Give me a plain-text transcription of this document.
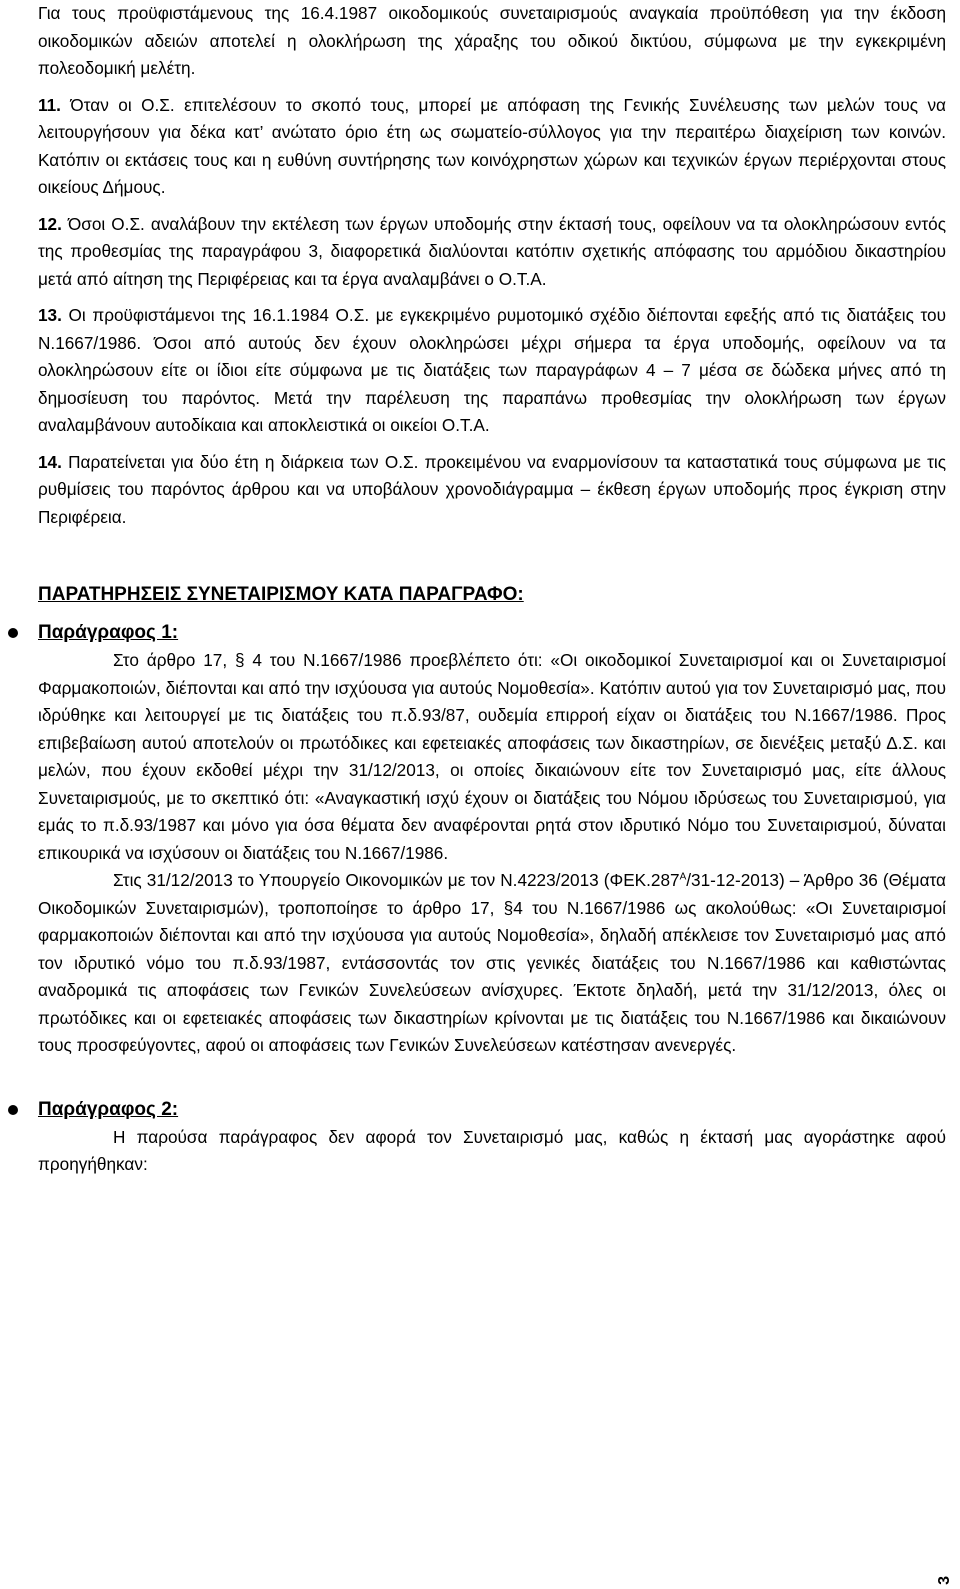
Για τους προϋφιστάμενους της 16.4.1987 οικοδομικούς συνεταιρισμούς αναγκαία προϋπόθεση για την έκδοση οικοδομικών αδειών αποτελεί η ολοκλήρωση της χάραξης του οδικού δικτύου, σύμφωνα με την εγκεκριμένη πολεοδομική μελέτη.

11. Όταν οι Ο.Σ. επιτελέσουν το σκοπό τους, μπορεί με απόφαση της Γενικής Συνέλευσης των μελών τους να λειτουργήσουν για δέκα κατ’ ανώτατο όριο έτη ως σωματείο-σύλλογος για την περαιτέρω διαχείριση των κοινών. Κατόπιν οι εκτάσεις τους και η ευθύνη συντήρησης των κοινόχρηστων χώρων και τεχνικών έργων περιέρχονται στους οικείους Δήμους.

12. Όσοι Ο.Σ. αναλάβουν την εκτέλεση των έργων υποδομής στην έκτασή τους, οφείλουν να τα ολοκληρώσουν εντός της προθεσμίας της παραγράφου 3, διαφορετικά διαλύονται κατόπιν σχετικής απόφασης του αρμόδιου δικαστηρίου μετά από αίτηση της Περιφέρειας και τα έργα αναλαμβάνει ο Ο.Τ.Α.

13. Οι προϋφιστάμενοι της 16.1.1984 Ο.Σ. με εγκεκριμένο ρυμοτομικό σχέδιο διέπονται εφεξής από τις διατάξεις του Ν.1667/1986. Όσοι από αυτούς δεν έχουν ολοκληρώσει μέχρι σήμερα τα έργα υποδομής, οφείλουν να τα ολοκληρώσουν είτε οι ίδιοι είτε σύμφωνα με τις διατάξεις των παραγράφων 4 – 7 μέσα σε δώδεκα μήνες από τη δημοσίευση του παρόντος. Μετά την παρέλευση της παραπάνω προθεσμίας την ολοκλήρωση των έργων αναλαμβάνουν αυτοδίκαια και αποκλειστικά οι οικείοι Ο.Τ.Α.

14. Παρατείνεται για δύο έτη η διάρκεια των Ο.Σ. προκειμένου να εναρμονίσουν τα καταστατικά τους σύμφωνα με τις ρυθμίσεις του παρόντος άρθρου και να υποβάλουν χρονοδιάγραμμα – έκθεση έργων υποδομής προς έγκριση στην Περιφέρεια.

ΠΑΡΑΤΗΡΗΣΕΙΣ ΣΥΝΕΤΑΙΡΙΣΜΟΥ ΚΑΤΑ ΠΑΡΑΓΡΑΦΟ:
Παράγραφος 1:

Στο άρθρο 17, § 4 του Ν.1667/1986 προεβλέπετο ότι: «Οι οικοδομικοί Συνεταιρισμοί και οι Συνεταιρισμοί Φαρμακοποιών, διέπονται και από την ισχύουσα για αυτούς Νομοθεσία». Κατόπιν αυτού για τον Συνεταιρισμό μας, που ιδρύθηκε και λειτουργεί με τις διατάξεις του π.δ.93/87, ουδεμία επιρροή είχαν οι διατάξεις του Ν.1667/1986. Προς επιβεβαίωση αυτού αποτελούν οι πρωτόδικες και εφετειακές αποφάσεις των δικαστηρίων, σε διενέξεις μεταξύ Δ.Σ. και μελών, που έχουν εκδοθεί μέχρι την 31/12/2013, οι οποίες δικαιώνουν είτε τον Συνεταιρισμό μας, είτε άλλους Συνεταιρισμούς, με το σκεπτικό ότι: «Αναγκαστική ισχύ έχουν οι διατάξεις του Νόμου ιδρύσεως του Συνεταιρισμού, για εμάς το π.δ.93/1987 και μόνο για όσα θέματα δεν αναφέρονται ρητά στον ιδρυτικό Νόμο του Συνεταιρισμού, δύναται επικουρικά να ισχύσουν οι διατάξεις του Ν.1667/1986.

Στις 31/12/2013 το Υπουργείο Οικονομικών με τον Ν.4223/2013 $(\Phi EK.287^A/31-12-2013)$ – Άρθρο 36 (Θέματα Οικοδομικών Συνεταιρισμών), τροποποίησε το άρθρο 17, §4 του Ν.1667/1986 ως ακολούθως: «Οι Συνεταιρισμοί φαρμακοποιών διέπονται και από την ισχύουσα για αυτούς Νομοθεσία», δηλαδή απέκλεισε τον Συνεταιρισμό μας από τον ιδρυτικό νόμο του π.δ.93/1987, εντάσσοντάς τον στις γενικές διατάξεις του Ν.1667/1986 και καθιστώντας αναδρομικά τις αποφάσεις των Γενικών Συνελεύσεων ανίσχυρες. Έκτοτε δηλαδή, μετά την 31/12/2013, όλες οι πρωτόδικες και οι εφετειακές αποφάσεις των δικαστηρίων κρίνονται με τις διατάξεις του Ν.1667/1986 και δικαιώνουν τους προσφεύγοντες, αφού οι αποφάσεις των Γενικών Συνελεύσεων κατέστησαν ανενεργές.

Παράγραφος 2:

Η παρούσα παράγραφος δεν αφορά τον Συνεταιρισμό μας, καθώς η έκτασή μας αγοράστηκε αφού προηγήθηκαν:

3
